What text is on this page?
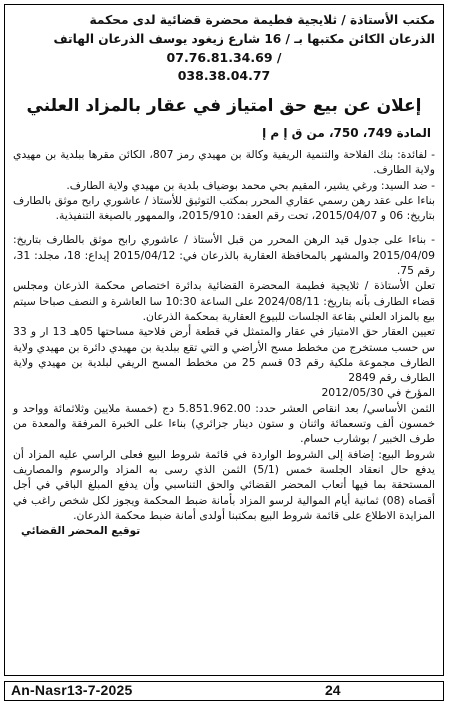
مكتب الأستاذة / ثلايجية فطيمة محضرة قضائية لدى محكمة

الذرعان الكائن مكتبها بـ / 16 شارع زيغود يوسف الذرعان الهاتف

07.76.81.34.69 /

038.38.04.77

إعلان عن بيع حق امتياز في عقار بالمزاد العلني
المادة 749، 750، من ق إ م إ

- لفائدة: بنك الفلاحة والتنمية الريفية وكالة بن مهيدي رمز 807، الكائن مقرها ببلدية بن مهيدي ولاية الطارف.

- ضد السيد: ورغي يشير، المقيم بحي محمد بوضياف بلدية بن مهيدي ولاية الطارف.

بناءا على عقد رهن رسمي عقاري المحرر بمكتب التوثيق للأستاذ / عاشوري رابح موثق بالطارف بتاريخ: 06 و 2015/04/07، تحت رقم العقد: 2015/910، والممهور بالصيغة التنفيذية.

- بناءا على جدول قيد الرهن المحرر من قبل الأستاذ / عاشوري رابح موثق بالطارف بتاريخ: 2015/04/09 والمشهر بالمحافظة العقارية بالذرعان في: 2015/04/12 إيداع: 18، مجلد: 31، رقم 75.

تعلن الأستاذة / ثلايجية فطيمة المحضرة القضائية بدائرة اختصاص محكمة الذرعان ومجلس قضاء الطارف بأنه بتاريخ: 2024/08/11 على الساعة 10:30 سا العاشرة و النصف صباحا سيتم بيع بالمزاد العلني بقاعة الجلسات للبيوع العقارية بمحكمة الذرعان.

تعيين العقار حق الامتياز في عقار والمتمثل في قطعة أرض فلاحية مساحتها 05هـ 13 ار و 33 س حسب مستخرج من مخطط مسح الأراضي و التي تقع ببلدية بن مهيدي دائرة بن مهيدي ولاية الطارف مجموعة ملكية رقم 03 قسم 25 من مخطط المسح الريفي لبلدية بن مهيدي ولاية الطارف رقم 2849

المؤرخ في 2012/05/30

الثمن الأساسي/ بعد انقاص العشر حدد: 5.851.962.00 دج (خمسة ملايين وثلاثمائة وواحد و خمسون ألف وتسعمائة واثنان و ستون دينار جزائري) بناءا على الخبرة المرفقة والمعدة من طرف الخبير / بوشارب حسام.

شروط البيع: إضافة إلى الشروط الواردة في قائمة شروط البيع فعلى الراسي عليه المزاد أن يدفع حال انعقاد الجلسة خمس (5/1) الثمن الذي رسى به المزاد والرسوم والمصاريف المستحقة بما فيها أتعاب المحضر القضائي والحق التناسبي وأن يدفع المبلغ الباقي في أجل أقصاه (08) ثمانية أيام الموالية لرسو المزاد بأمانة ضبط المحكمة ويجوز لكل شخص راغب في المزايدة الاطلاع على قائمة شروط البيع بمكتبنا أولدى أمانة ضبط محكمة الذرعان.

توقيع المحضر القضائي
An-Nasr13-7-2025	24
